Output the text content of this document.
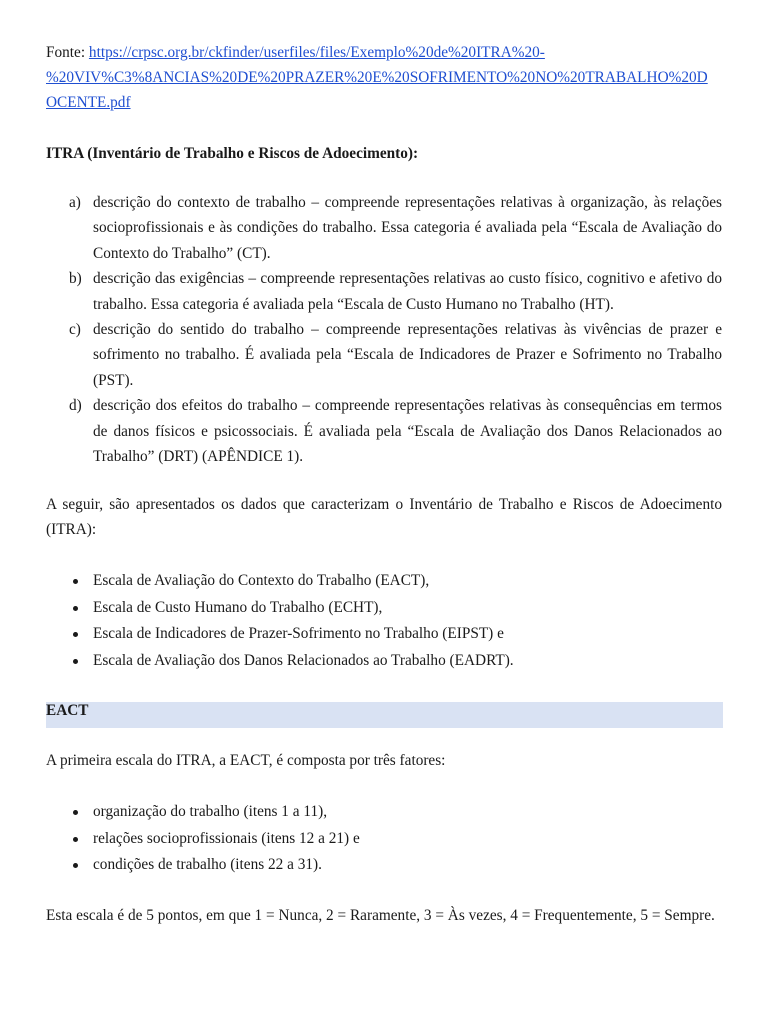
Fonte: https://crpsc.org.br/ckfinder/userfiles/files/Exemplo%20de%20ITRA%20-
%20VIV%C3%8ANCIAS%20DE%20PRAZER%20E%20SOFRIMENTO%20NO%20TRABALHO%20D
OCENTE.pdf
ITRA (Inventário de Trabalho e Riscos de Adoecimento):
a) descrição do contexto de trabalho – compreende representações relativas à organização, às relações socioprofissionais e às condições do trabalho. Essa categoria é avaliada pela “Escala de Avaliação do Contexto do Trabalho” (CT).
b) descrição das exigências – compreende representações relativas ao custo físico, cognitivo e afetivo do trabalho. Essa categoria é avaliada pela “Escala de Custo Humano no Trabalho (HT).
c) descrição do sentido do trabalho – compreende representações relativas às vivências de prazer e sofrimento no trabalho. É avaliada pela “Escala de Indicadores de Prazer e Sofrimento no Trabalho (PST).
d) descrição dos efeitos do trabalho – compreende representações relativas às consequências em termos de danos físicos e psicossociais. É avaliada pela “Escala de Avaliação dos Danos Relacionados ao Trabalho” (DRT) (APÊNDICE 1).

A seguir, são apresentados os dados que caracterizam o Inventário de Trabalho e Riscos de Adoecimento (ITRA):

Escala de Avaliação do Contexto do Trabalho (EACT),
Escala de Custo Humano do Trabalho (ECHT),
Escala de Indicadores de Prazer-Sofrimento no Trabalho (EIPST) e
Escala de Avaliação dos Danos Relacionados ao Trabalho (EADRT).
EACT

A primeira escala do ITRA, a EACT, é composta por três fatores:

organização do trabalho (itens 1 a 11),
relações socioprofissionais (itens 12 a 21) e
condições de trabalho (itens 22 a 31).

Esta escala é de 5 pontos, em que 1 = Nunca, 2 = Raramente, 3 = Às vezes, 4 = Frequentemente, 5 = Sempre.
